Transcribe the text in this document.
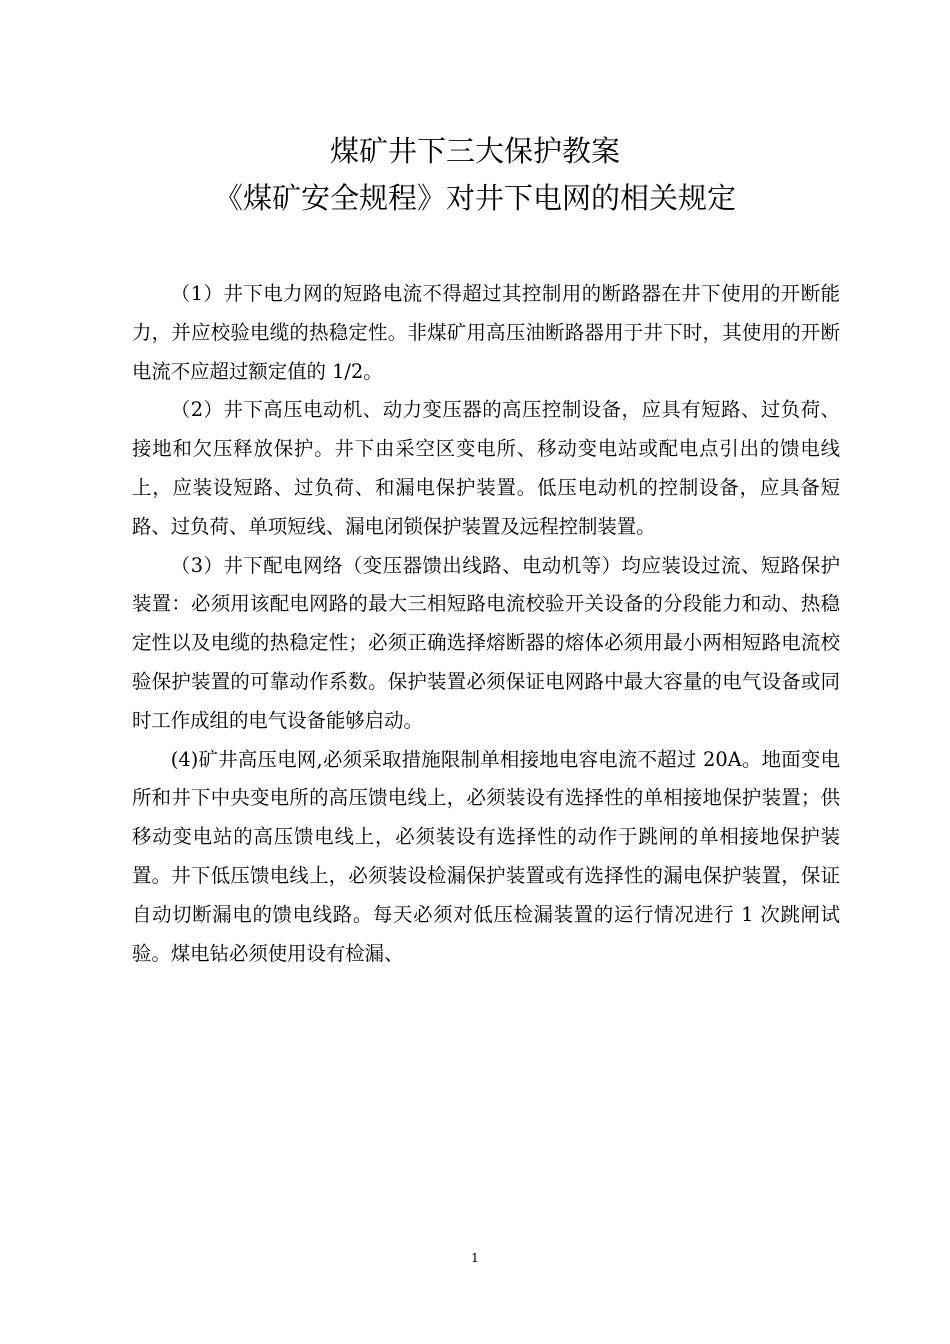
煤矿井下三大保护教案
《煤矿安全规程》对井下电网的相关规定

（1）井下电力网的短路电流不得超过其控制用的断路器在井下使用的开断能力，并应校验电缆的热稳定性。非煤矿用高压油断路器用于井下时，其使用的开断电流不应超过额定值的 1/2。

（2）井下高压电动机、动力变压器的高压控制设备，应具有短路、过负荷、接地和欠压释放保护。井下由采空区变电所、移动变电站或配电点引出的馈电线上，应装设短路、过负荷、和漏电保护装置。低压电动机的控制设备，应具备短路、过负荷、单项短线、漏电闭锁保护装置及远程控制装置。

（3）井下配电网络（变压器馈出线路、电动机等）均应装设过流、短路保护装置：必须用该配电网路的最大三相短路电流校验开关设备的分段能力和动、热稳定性以及电缆的热稳定性；必须正确选择熔断器的熔体必须用最小两相短路电流校验保护装置的可靠动作系数。保护装置必须保证电网路中最大容量的电气设备或同时工作成组的电气设备能够启动。

(4)矿井高压电网,必须采取措施限制单相接地电容电流不超过 20A。地面变电所和井下中央变电所的高压馈电线上，必须装设有选择性的单相接地保护装置；供移动变电站的高压馈电线上，必须装设有选择性的动作于跳闸的单相接地保护装置。井下低压馈电线上，必须装设检漏保护装置或有选择性的漏电保护装置，保证自动切断漏电的馈电线路。每天必须对低压检漏装置的运行情况进行 1 次跳闸试验。煤电钻必须使用设有检漏、

1
